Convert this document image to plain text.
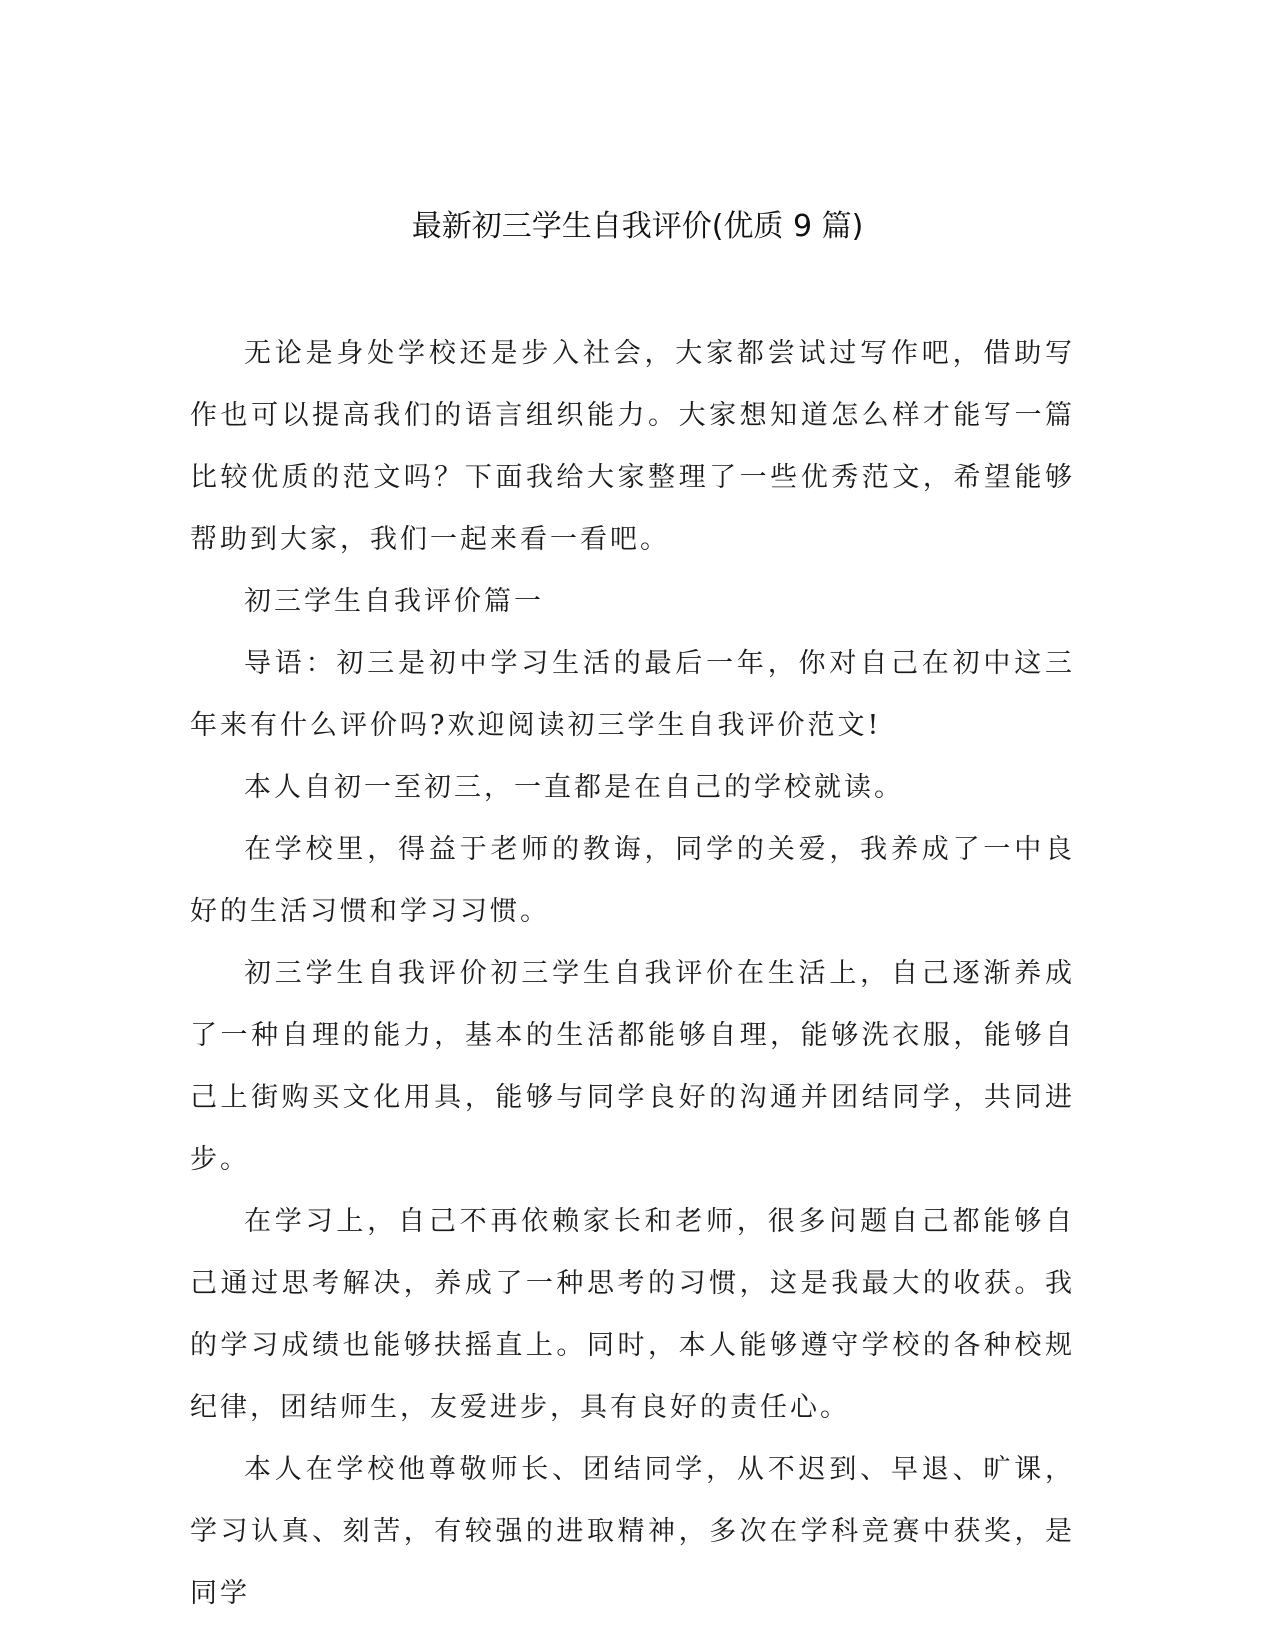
最新初三学生自我评价(优质 9 篇)

无论是身处学校还是步入社会，大家都尝试过写作吧，借助写作也可以提高我们的语言组织能力。大家想知道怎么样才能写一篇比较优质的范文吗？下面我给大家整理了一些优秀范文，希望能够帮助到大家，我们一起来看一看吧。

初三学生自我评价篇一

导语：初三是初中学习生活的最后一年，你对自己在初中这三年来有什么评价吗?欢迎阅读初三学生自我评价范文!

本人自初一至初三，一直都是在自己的学校就读。

在学校里，得益于老师的教诲，同学的关爱，我养成了一中良好的生活习惯和学习习惯。

初三学生自我评价初三学生自我评价在生活上，自己逐渐养成了一种自理的能力，基本的生活都能够自理，能够洗衣服，能够自己上街购买文化用具，能够与同学良好的沟通并团结同学，共同进步。

在学习上，自己不再依赖家长和老师，很多问题自己都能够自己通过思考解决，养成了一种思考的习惯，这是我最大的收获。我的学习成绩也能够扶摇直上。同时，本人能够遵守学校的各种校规纪律，团结师生，友爱进步，具有良好的责任心。

本人在学校他尊敬师长、团结同学，从不迟到、早退、旷课，学习认真、刻苦，有较强的进取精神，多次在学科竞赛中获奖，是同学
